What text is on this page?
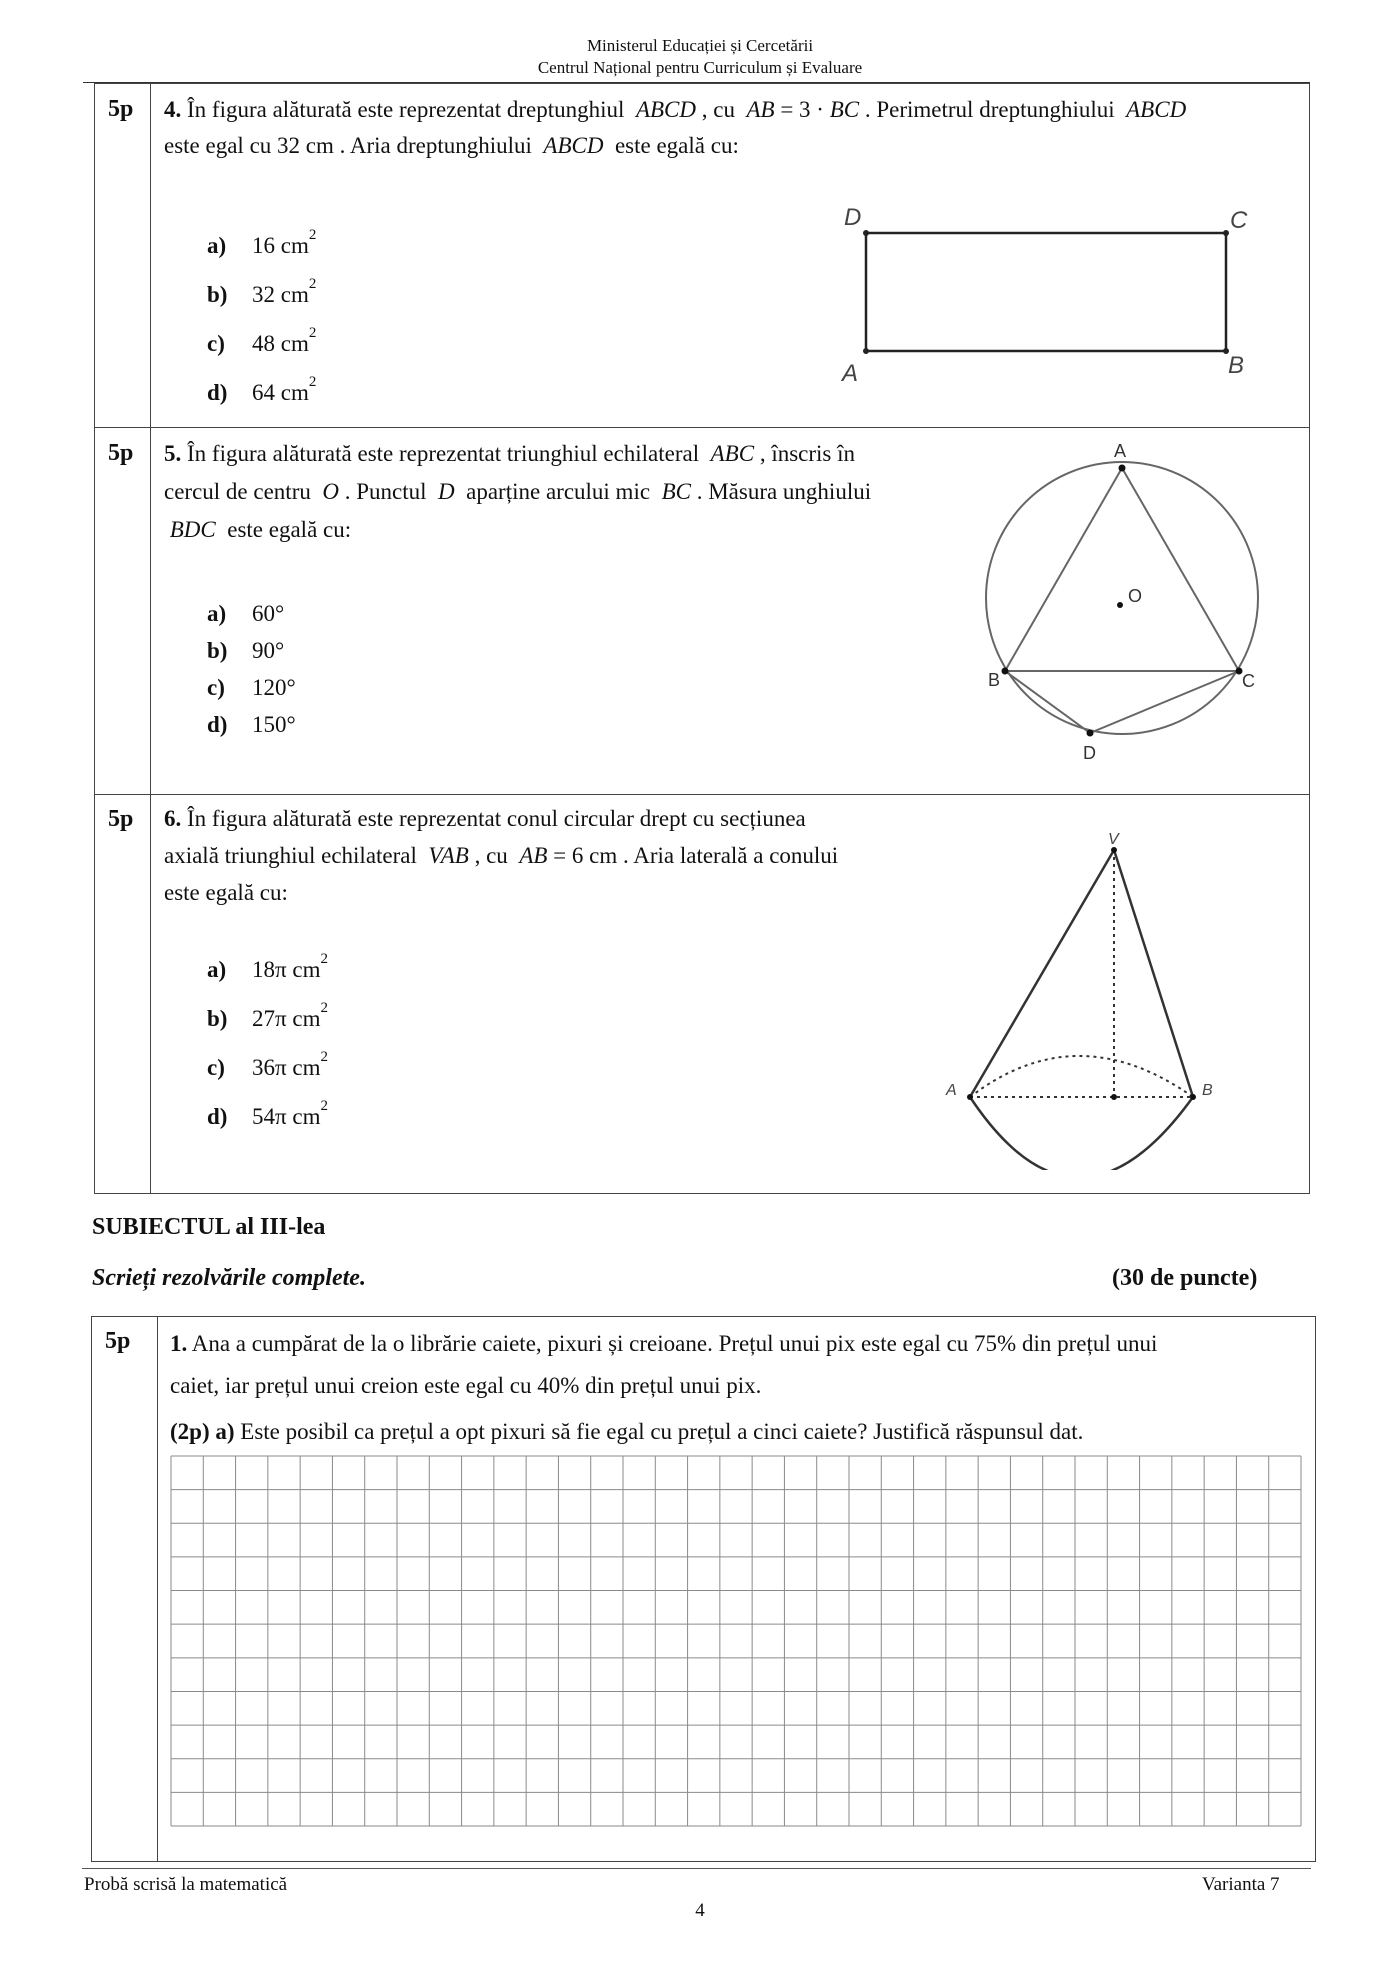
Ministerul Educației și Cercetării
Centrul Național pentru Curriculum și Evaluare
5p 4. În figura alăturată este reprezentat dreptunghiul ABCD , cu AB = 3 · BC . Perimetrul dreptunghiului ABCD
este egal cu 32 cm . Aria dreptunghiului ABCD este egală cu:
a) 16 $cm^2$
b) 32 $cm^2$
c) 48 $cm^2$
d) 64 $cm^2$
D	C
A	B
5p 5. În figura alăturată este reprezentat triunghiul echilateral ABC , înscris în
cercul de centru O . Punctul D aparține arcului mic BC . Măsura unghiului
BDC este egală cu:
a) 60°
b) 90°
c) 120°
d) 150°
A
B	C
D
O
5p 6. În figura alăturată este reprezentat conul circular drept cu secțiunea
axială triunghiul echilateral VAB , cu AB = 6 cm . Aria laterală a conului
este egală cu:
a) 18π $cm^2$
b) 27π $cm^2$
c) 36π $cm^2$
d) 54π $cm^2$
V
A	B
SUBIECTUL al III-lea
Scrieți rezolvările complete.	(30 de puncte)
5p 1. Ana a cumpărat de la o librărie caiete, pixuri și creioane. Prețul unui pix este egal cu 75% din prețul unui
caiet, iar prețul unui creion este egal cu 40% din prețul unui pix.
(2p) a) Este posibil ca prețul a opt pixuri să fie egal cu prețul a cinci caiete? Justifică răspunsul dat.
Probă scrisă la matematică	Varianta 7
4
